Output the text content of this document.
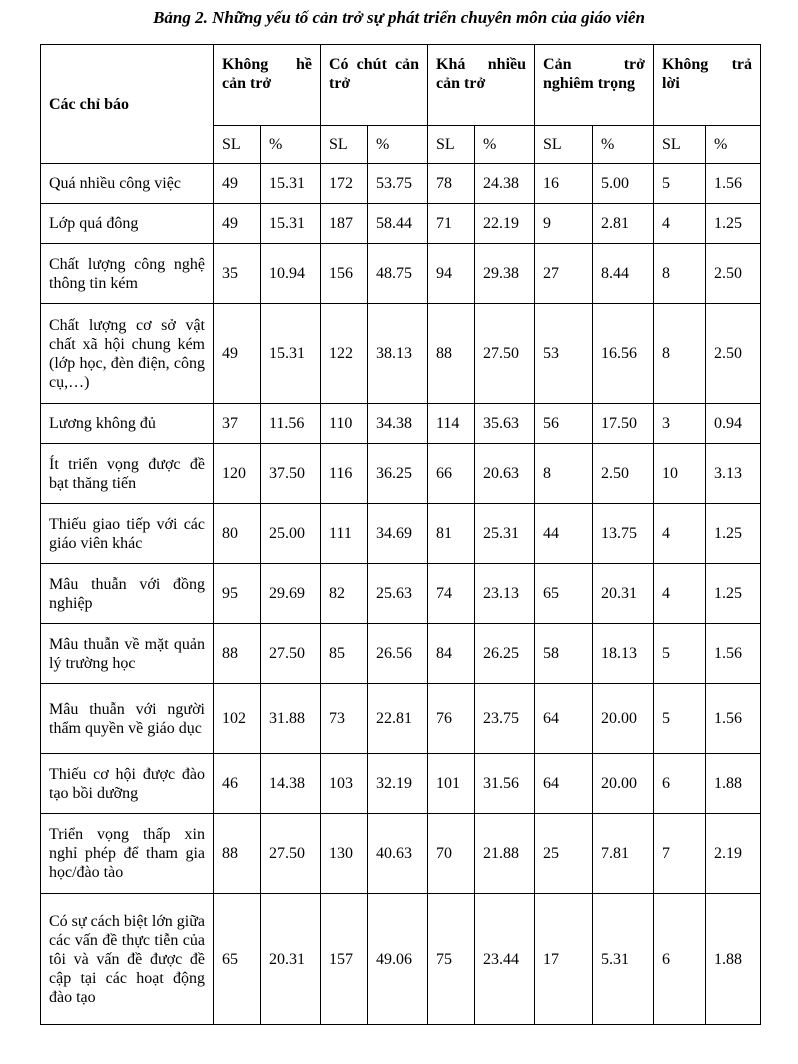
Bảng 2. Những yếu tố cản trở sự phát triển chuyên môn của giáo viên
Các chỉ báo	Không hề cản trở		Có chút cản trở		Khá nhiều cản trở		Cản trở nghiêm trọng		Không trả lời	
	SL	%	SL	%	SL	%	SL	%	SL	%
Quá nhiều công việc	49	15.31	172	53.75	78	24.38	16	5.00	5	1.56
Lớp quá đông	49	15.31	187	58.44	71	22.19	9	2.81	4	1.25
Chất lượng công nghệ thông tin kém	35	10.94	156	48.75	94	29.38	27	8.44	8	2.50
Chất lượng cơ sở vật chất xã hội chung kém (lớp học, đèn điện, công cụ,…)	49	15.31	122	38.13	88	27.50	53	16.56	8	2.50
Lương không đủ	37	11.56	110	34.38	114	35.63	56	17.50	3	0.94
Ít triển vọng được đề bạt thăng tiến	120	37.50	116	36.25	66	20.63	8	2.50	10	3.13
Thiếu giao tiếp với các giáo viên khác	80	25.00	111	34.69	81	25.31	44	13.75	4	1.25
Mâu thuẫn với đồng nghiệp	95	29.69	82	25.63	74	23.13	65	20.31	4	1.25
Mâu thuẫn về mặt quản lý trường học	88	27.50	85	26.56	84	26.25	58	18.13	5	1.56
Mâu thuẫn với người thẩm quyền về giáo dục	102	31.88	73	22.81	76	23.75	64	20.00	5	1.56
Thiếu cơ hội được đào tạo bồi dưỡng	46	14.38	103	32.19	101	31.56	64	20.00	6	1.88
Triển vọng thấp xin nghỉ phép để tham gia học/đào tào	88	27.50	130	40.63	70	21.88	25	7.81	7	2.19
Có sự cách biệt lớn giữa các vấn đề thực tiễn của tôi và vấn đề được đề cập tại các hoạt động đào tạo	65	20.31	157	49.06	75	23.44	17	5.31	6	1.88
